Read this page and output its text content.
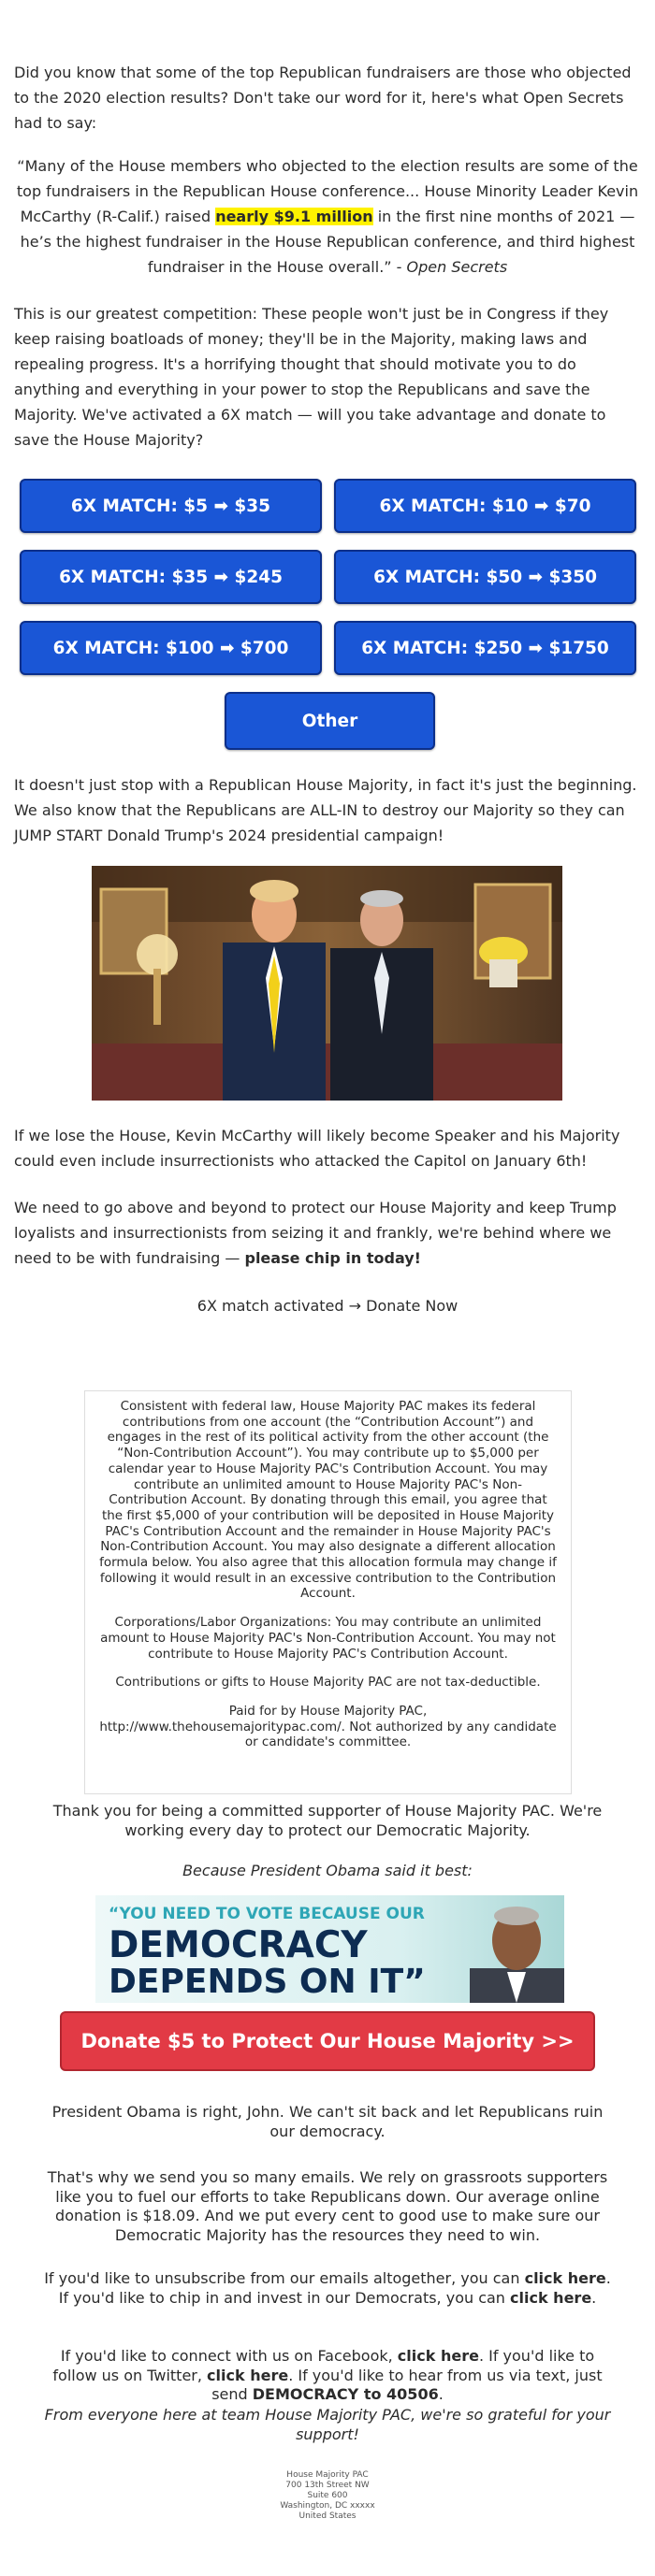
Did you know that some of the top Republican fundraisers are those who objected to the 2020 election results? Don't take our word for it, here's what Open Secrets had to say:

“Many of the House members who objected to the election results are some of the top fundraisers in the Republican House conference... House Minority Leader Kevin McCarthy (R-Calif.) raised nearly $9.1 million in the first nine months of 2021 — he’s the highest fundraiser in the House Republican conference, and third highest fundraiser in the House overall.” - Open Secrets

This is our greatest competition: These people won't just be in Congress if they keep raising boatloads of money; they'll be in the Majority, making laws and repealing progress. It's a horrifying thought that should motivate you to do anything and everything in your power to stop the Republicans and save the Majority. We've activated a 6X match — will you take advantage and donate to save the House Majority?

6X MATCH: $5 ➡ $35	6X MATCH: $10 ➡ $70
6X MATCH: $35 ➡ $245	6X MATCH: $50 ➡ $350
6X MATCH: $100 ➡ $700	6X MATCH: $250 ➡ $1750
Other

It doesn't just stop with a Republican House Majority, in fact it's just the beginning. We also know that the Republicans are ALL-IN to destroy our Majority so they can JUMP START Donald Trump's 2024 presidential campaign!

If we lose the House, Kevin McCarthy will likely become Speaker and his Majority could even include insurrectionists who attacked the Capitol on January 6th!

We need to go above and beyond to protect our House Majority and keep Trump loyalists and insurrectionists from seizing it and frankly, we're behind where we need to be with fundraising — please chip in today!

6X match activated → Donate Now

Consistent with federal law, House Majority PAC makes its federal contributions from one account (the “Contribution Account”) and engages in the rest of its political activity from the other account (the “Non-Contribution Account”). You may contribute up to $5,000 per calendar year to House Majority PAC's Contribution Account. You may contribute an unlimited amount to House Majority PAC's Non-Contribution Account. By donating through this email, you agree that the first $5,000 of your contribution will be deposited in House Majority PAC's Contribution Account and the remainder in House Majority PAC's Non-Contribution Account. You may also designate a different allocation formula below. You also agree that this allocation formula may change if following it would result in an excessive contribution to the Contribution Account.

Corporations/Labor Organizations: You may contribute an unlimited amount to House Majority PAC's Non-Contribution Account. You may not contribute to House Majority PAC's Contribution Account.

Contributions or gifts to House Majority PAC are not tax-deductible.

Paid for by House Majority PAC,
http://www.thehousemajoritypac.com/. Not authorized by any candidate or candidate's committee.

Thank you for being a committed supporter of House Majority PAC. We're working every day to protect our Democratic Majority.

Because President Obama said it best:

“YOU NEED TO VOTE BECAUSE OUR
DEMOCRACY
DEPENDS ON IT”
Donate $5 to Protect Our House Majority >>

President Obama is right, John. We can't sit back and let Republicans ruin our democracy.

That's why we send you so many emails. We rely on grassroots supporters like you to fuel our efforts to take Republicans down. Our average online donation is $18.09. And we put every cent to good use to make sure our Democratic Majority has the resources they need to win.

If you'd like to unsubscribe from our emails altogether, you can click here. If you'd like to chip in and invest in our Democrats, you can click here.

If you'd like to connect with us on Facebook, click here. If you'd like to follow us on Twitter, click here. If you'd like to hear from us via text, just send DEMOCRACY to 40506.

From everyone here at team House Majority PAC, we're so grateful for your support!

House Majority PAC
700 13th Street NW
Suite 600
Washington, DC xxxxx
United States
